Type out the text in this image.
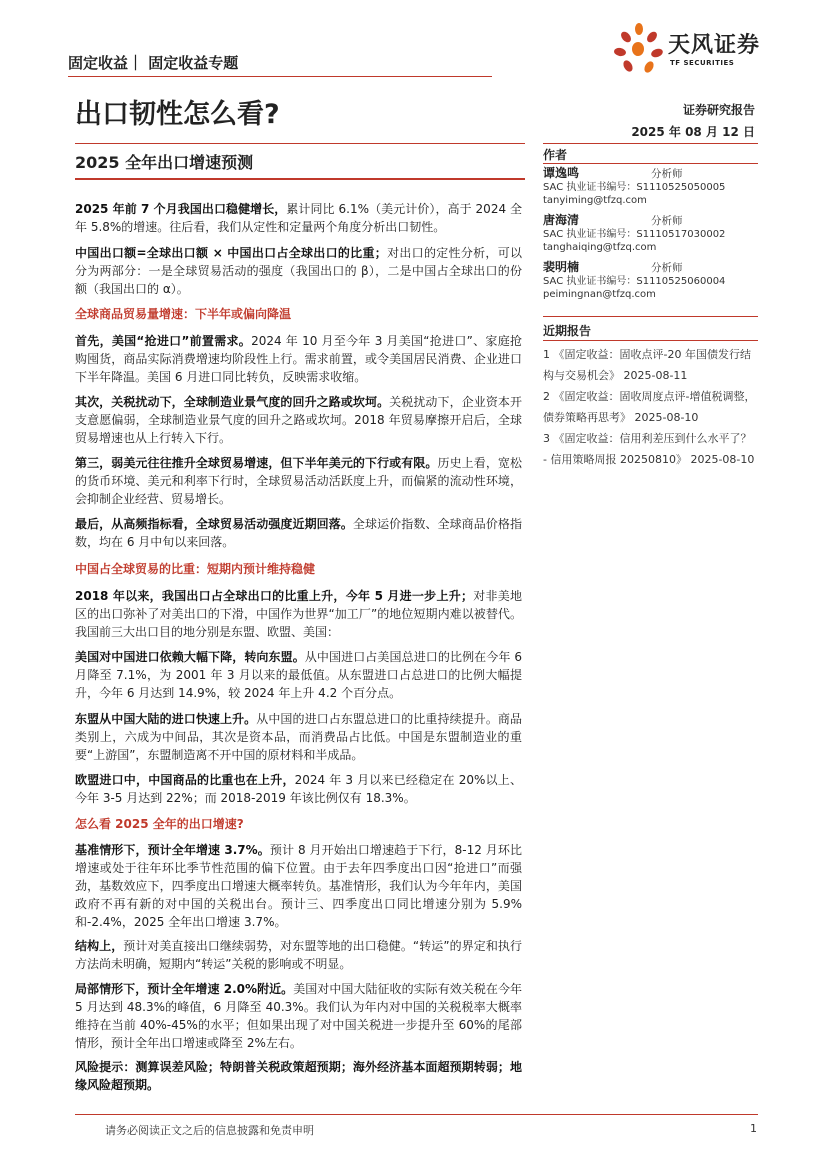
固定收益｜ 固定收益专题
天风证券
TF SECURITIES
出口韧性怎么看?	证券研究报告
2025 年 08 月 12 日
2025 全年出口增速预测	作者
谭逸鸣	分析师
SAC 执业证书编号：S1110525050005
tanyiming@tfzq.com
唐海清	分析师
SAC 执业证书编号：S1110517030002
tanghaiqing@tfzq.com
裴明楠	分析师
SAC 执业证书编号：S1110525060004
peimingnan@tfzq.com
近期报告

1 《固定收益：固收点评-20 年国债发行结构与交易机会》 2025-08-11

2 《固定收益：固收周度点评-增值税调整，债券策略再思考》 2025-08-10

3 《固定收益：信用利差压到什么水平了？ - 信用策略周报 20250810》 2025-08-10

2025 年前 7 个月我国出口稳健增长，累计同比 6.1%（美元计价），高于 2024 全年 5.8%的增速。往后看，我们从定性和定量两个角度分析出口韧性。

中国出口额=全球出口额 × 中国出口占全球出口的比重；对出口的定性分析，可以分为两部分：一是全球贸易活动的强度（我国出口的 β），二是中国占全球出口的份额（我国出口的 α）。

全球商品贸易量增速：下半年或偏向降温

首先，美国“抢进口”前置需求。2024 年 10 月至今年 3 月美国“抢进口”、家庭抢购囤货，商品实际消费增速均阶段性上行。需求前置，或令美国居民消费、企业进口下半年降温。美国 6 月进口同比转负，反映需求收缩。

其次，关税扰动下，全球制造业景气度的回升之路或坎坷。关税扰动下，企业资本开支意愿偏弱，全球制造业景气度的回升之路或坎坷。2018 年贸易摩擦开启后，全球贸易增速也从上行转入下行。

第三，弱美元往往推升全球贸易增速，但下半年美元的下行或有限。历史上看，宽松的货币环境、美元和利率下行时，全球贸易活动活跃度上升，而偏紧的流动性环境，会抑制企业经营、贸易增长。

最后，从高频指标看，全球贸易活动强度近期回落。全球运价指数、全球商品价格指数，均在 6 月中旬以来回落。

中国占全球贸易的比重：短期内预计维持稳健

2018 年以来，我国出口占全球出口的比重上升，今年 5 月进一步上升；对非美地区的出口弥补了对美出口的下滑，中国作为世界“加工厂”的地位短期内难以被替代。我国前三大出口目的地分别是东盟、欧盟、美国：

美国对中国进口依赖大幅下降，转向东盟。从中国进口占美国总进口的比例在今年 6 月降至 7.1%，为 2001 年 3 月以来的最低值。从东盟进口占总进口的比例大幅提升，今年 6 月达到 14.9%，较 2024 年上升 4.2 个百分点。

东盟从中国大陆的进口快速上升。从中国的进口占东盟总进口的比重持续提升。商品类别上，六成为中间品，其次是资本品，而消费品占比低。中国是东盟制造业的重要“上游国”，东盟制造离不开中国的原材料和半成品。

欧盟进口中，中国商品的比重也在上升，2024 年 3 月以来已经稳定在 20%以上、今年 3-5 月达到 22%；而 2018-2019 年该比例仅有 18.3%。

怎么看 2025 全年的出口增速?

基准情形下，预计全年增速 3.7%。预计 8 月开始出口增速趋于下行，8-12 月环比增速或处于往年环比季节性范围的偏下位置。由于去年四季度出口因“抢进口”而强劲，基数效应下，四季度出口增速大概率转负。基准情形，我们认为今年年内，美国政府不再有新的对中国的关税出台。预计三、四季度出口同比增速分别为 5.9%和-2.4%，2025 全年出口增速 3.7%。

结构上，预计对美直接出口继续弱势，对东盟等地的出口稳健。“转运”的界定和执行方法尚未明确，短期内“转运”关税的影响或不明显。

局部情形下，预计全年增速 2.0%附近。美国对中国大陆征收的实际有效关税在今年 5 月达到 48.3%的峰值，6 月降至 40.3%。我们认为年内对中国的关税税率大概率维持在当前 40%-45%的水平；但如果出现了对中国关税进一步提升至 60%的尾部情形，预计全年出口增速或降至 2%左右。

风险提示：测算误差风险；特朗普关税政策超预期；海外经济基本面超预期转弱；地缘风险超预期。

请务必阅读正文之后的信息披露和免责申明	1
